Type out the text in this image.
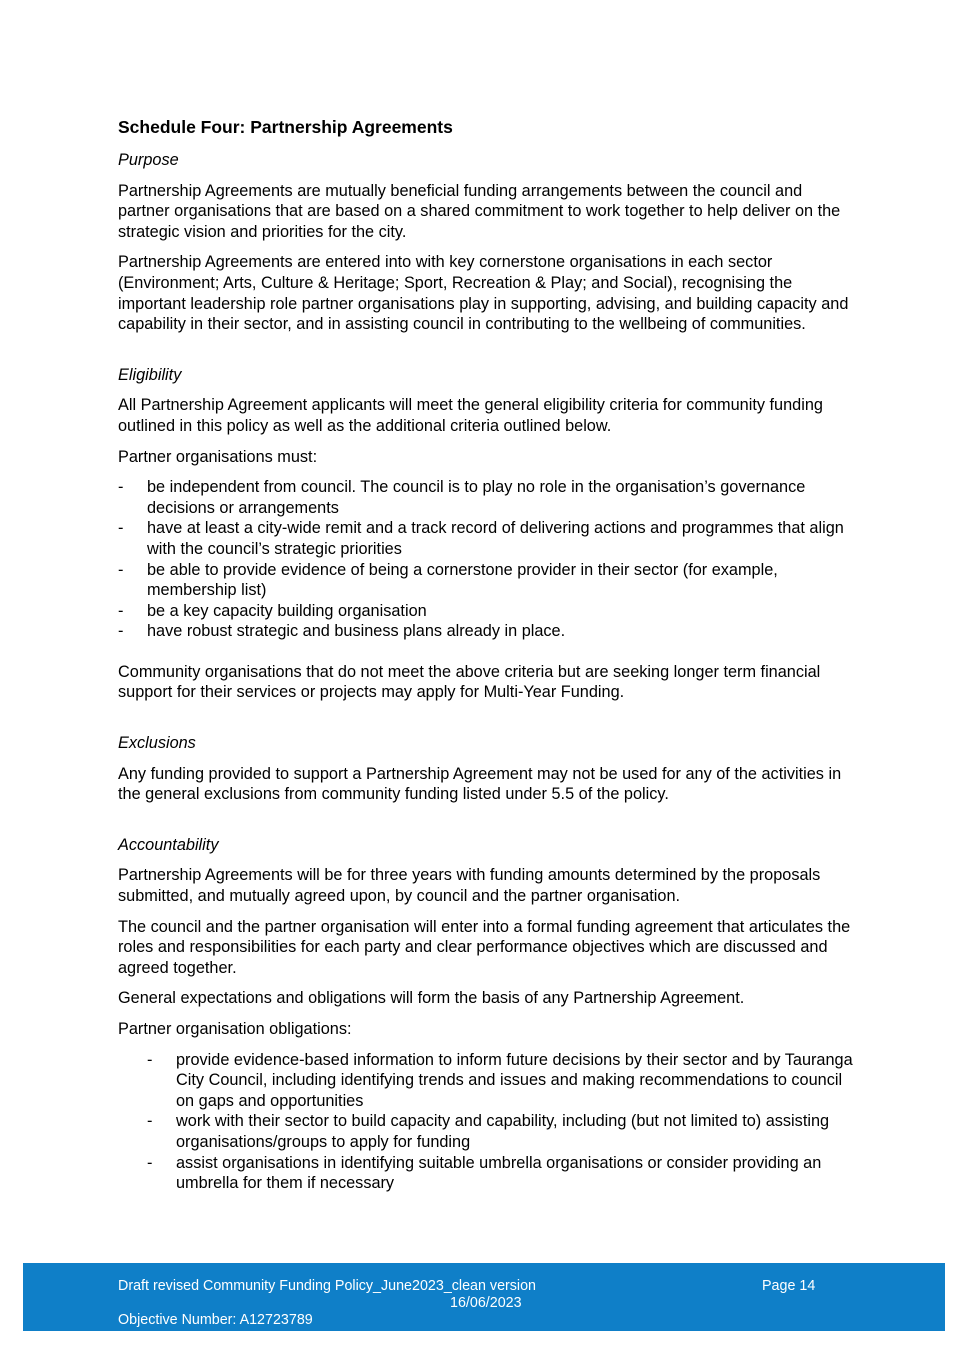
Schedule Four: Partnership Agreements
Purpose

Partnership Agreements are mutually beneficial funding arrangements between the council and partner organisations that are based on a shared commitment to work together to help deliver on the strategic vision and priorities for the city.

Partnership Agreements are entered into with key cornerstone organisations in each sector (Environment; Arts, Culture & Heritage; Sport, Recreation & Play; and Social), recognising the important leadership role partner organisations play in supporting, advising, and building capacity and capability in their sector, and in assisting council in contributing to the wellbeing of communities.

Eligibility

All Partnership Agreement applicants will meet the general eligibility criteria for community funding outlined in this policy as well as the additional criteria outlined below.

Partner organisations must:

- be independent from council. The council is to play no role in the organisation’s governance decisions or arrangements
- have at least a city-wide remit and a track record of delivering actions and programmes that align with the council’s strategic priorities
- be able to provide evidence of being a cornerstone provider in their sector (for example, membership list)
- be a key capacity building organisation
- have robust strategic and business plans already in place.

Community organisations that do not meet the above criteria but are seeking longer term financial support for their services or projects may apply for Multi-Year Funding.

Exclusions

Any funding provided to support a Partnership Agreement may not be used for any of the activities in the general exclusions from community funding listed under 5.5 of the policy.

Accountability

Partnership Agreements will be for three years with funding amounts determined by the proposals submitted, and mutually agreed upon, by council and the partner organisation.

The council and the partner organisation will enter into a formal funding agreement that articulates the roles and responsibilities for each party and clear performance objectives which are discussed and agreed together.

General expectations and obligations will form the basis of any Partnership Agreement.

Partner organisation obligations:

- provide evidence-based information to inform future decisions by their sector and by Tauranga City Council, including identifying trends and issues and making recommendations to council on gaps and opportunities
- work with their sector to build capacity and capability, including (but not limited to) assisting organisations/groups to apply for funding
- assist organisations in identifying suitable umbrella organisations or consider providing an umbrella for them if necessary
Draft revised Community Funding Policy_June2023_clean version	Page 14
16/06/2023
Objective Number: A12723789
